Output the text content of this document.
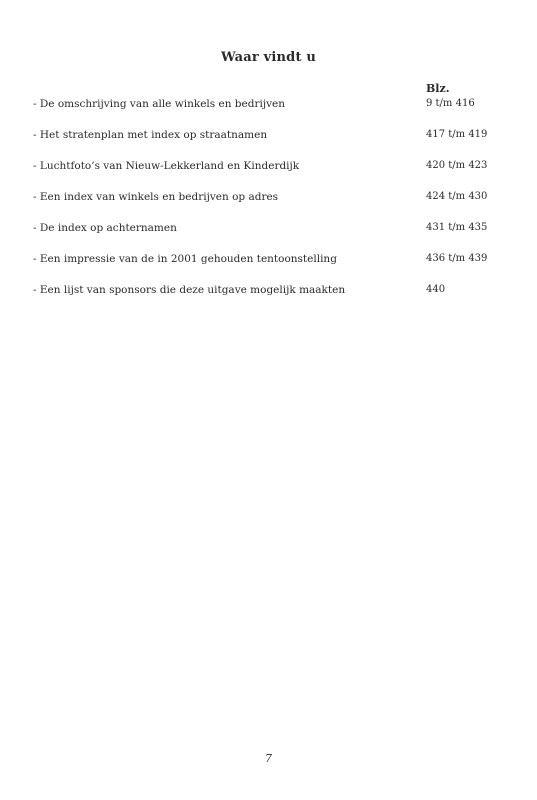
Waar vindt u
Blz.
- De omschrijving van alle winkels en bedrijven	9 t/m 416
- Het stratenplan met index op straatnamen	417 t/m 419
- Luchtfoto’s van Nieuw-Lekkerland en Kinderdijk	420 t/m 423
- Een index van winkels en bedrijven op adres	424 t/m 430
- De index op achternamen	431 t/m 435
- Een impressie van de in 2001 gehouden tentoonstelling	436 t/m 439
- Een lijst van sponsors die deze uitgave mogelijk maakten	440
7
